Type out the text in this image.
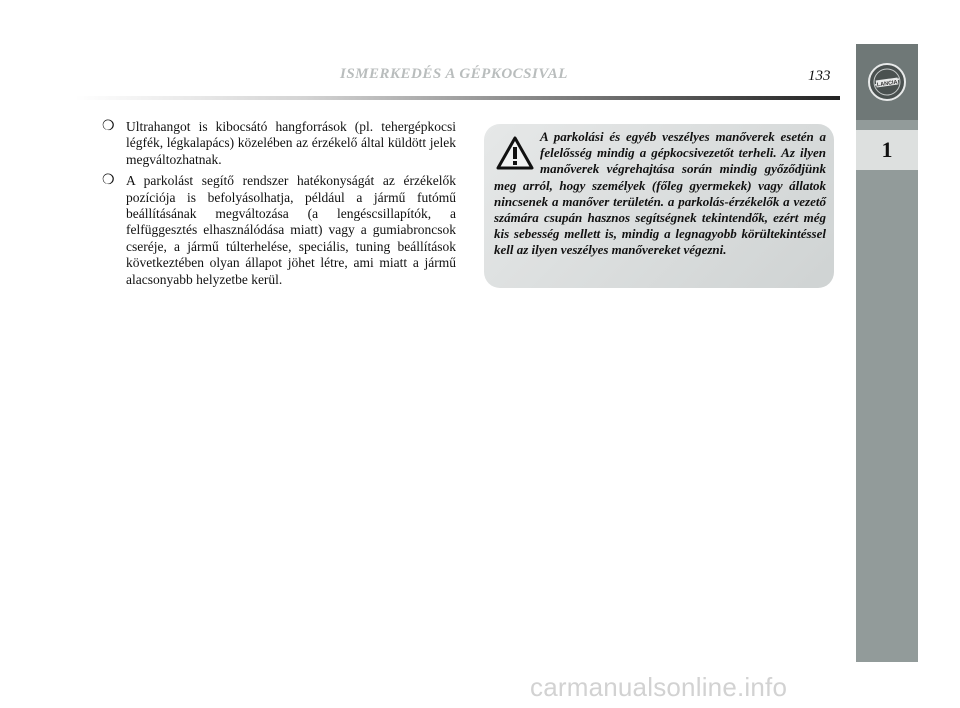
ISMERKEDÉS A GÉPKOCSIVAL	133	LANCIA
1
❍ Ultrahangot is kibocsátó hangforrások (pl. tehergépkocsi légfék, légkalapács) közelében az érzékelő által küldött jelek megváltozhatnak.
❍ A parkolást segítő rendszer hatékonyságát az érzékelők pozíciója is befolyásolhatja, például a jármű futómű beállításának megváltozása (a lengéscsillapítók, a felfüggesztés elhasználódása miatt) vagy a gumiabroncsok cseréje, a jármű túlterhelése, speciális, tuning beállítások következtében olyan állapot jöhet létre, ami miatt a jármű alacsonyabb helyzetbe kerül.
A parkolási és egyéb veszélyes manőverek esetén a felelősség mindig a gépkocsivezetőt terheli. Az ilyen manőverek végrehajtása során mindig győződjünk meg arról, hogy személyek (főleg gyermekek) vagy állatok nincsenek a manőver területén. a parkolás-érzékelők a vezető számára csupán hasznos segítségnek tekintendők, ezért még kis sebesség mellett is, mindig a legnagyobb körültekintéssel kell az ilyen veszélyes manővereket végezni.
carmanualsonline.info
